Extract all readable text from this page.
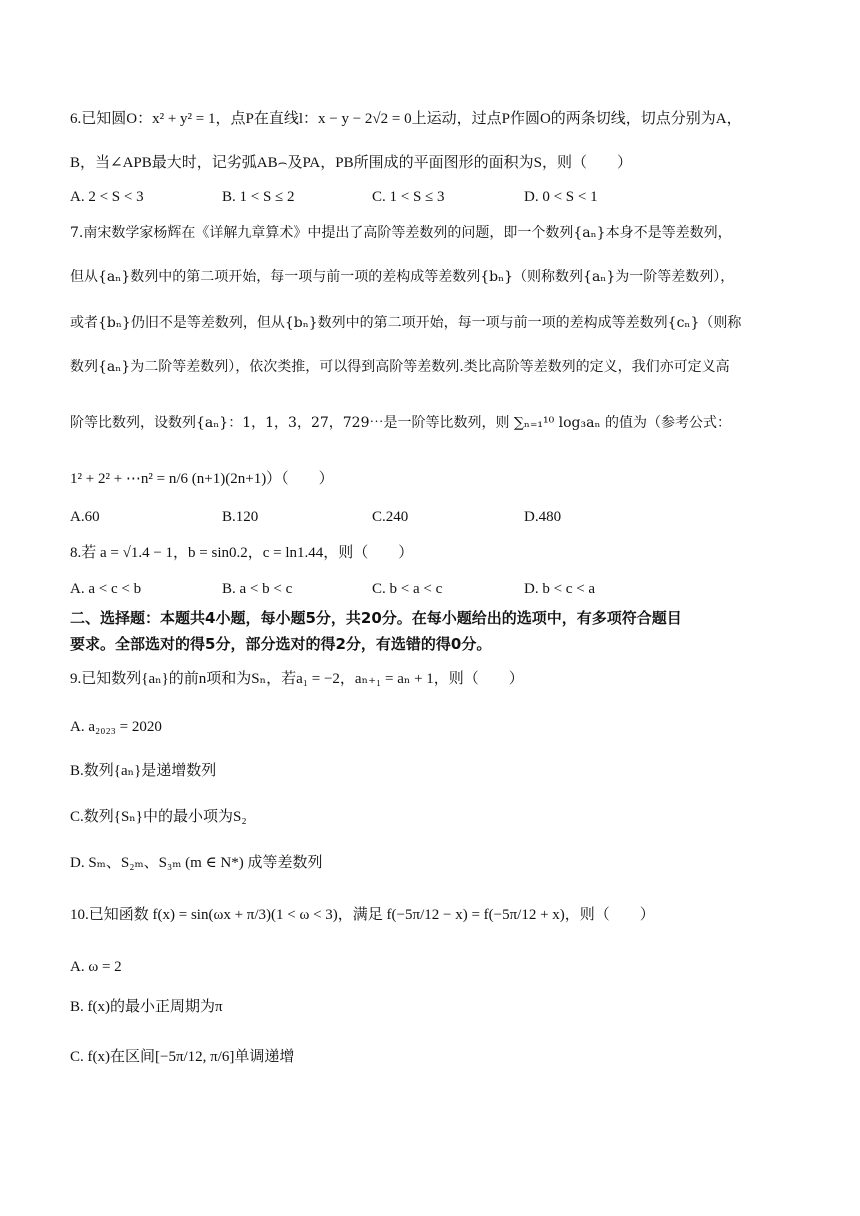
6.已知圆O：x² + y² = 1，点P在直线l：x − y − 2√2 = 0上运动，过点P作圆O的两条切线，切点分别为A，
B，当∠APB最大时，记劣弧AB⌢及PA，PB所围成的平面图形的面积为S，则（　　）
A. 2 < S < 3	B. 1 < S ≤ 2	C. 1 < S ≤ 3	D. 0 < S < 1
7.南宋数学家杨辉在《详解九章算术》中提出了高阶等差数列的问题，即一个数列{aₙ}本身不是等差数列，
但从{aₙ}数列中的第二项开始，每一项与前一项的差构成等差数列{bₙ}（则称数列{aₙ}为一阶等差数列），
或者{bₙ}仍旧不是等差数列，但从{bₙ}数列中的第二项开始，每一项与前一项的差构成等差数列{cₙ}（则称
数列{aₙ}为二阶等差数列），依次类推，可以得到高阶等差数列.类比高阶等差数列的定义，我们亦可定义高
阶等比数列，设数列{aₙ}：1，1，3，27，729⋯是一阶等比数列，则 ∑ₙ₌₁¹⁰ log₃aₙ 的值为（参考公式：
1² + 2² + ⋯n² = n/6 (n+1)(2n+1)）（　　）
A.60	B.120	C.240	D.480
8.若 a = √1.4 − 1，b = sin0.2，c = ln1.44，则（　　）
A. a < c < b	B. a < b < c	C. b < a < c	D. b < c < a
二、选择题：本题共4小题，每小题5分，共20分。在每小题给出的选项中，有多项符合题目
要求。全部选对的得5分，部分选对的得2分，有选错的得0分。
9.已知数列{aₙ}的前n项和为Sₙ，若a₁ = −2，aₙ₊₁ = aₙ + 1，则（　　）
A. a₂₀₂₃ = 2020
B.数列{aₙ}是递增数列
C.数列{Sₙ}中的最小项为S₂
D. Sₘ、S₂ₘ、S₃ₘ (m ∈ N*) 成等差数列
10.已知函数 f(x) = sin(ωx + π/3)(1 < ω < 3)，满足 f(−5π/12 − x) = f(−5π/12 + x)，则（　　）
A. ω = 2
B. f(x)的最小正周期为π
C. f(x)在区间[−5π/12, π/6]单调递增
